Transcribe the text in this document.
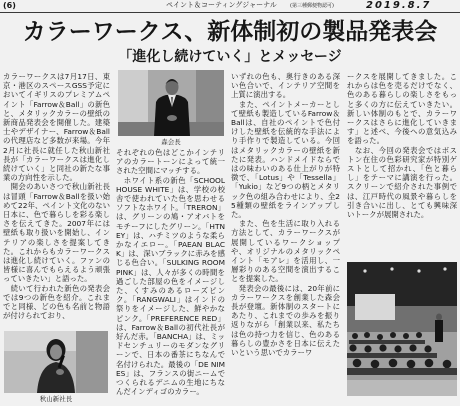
(6)	ペイント＆コーティングジャーナル	(第三種郵便物認可)	2019.8.7
カラーワークス、新体制初の製品発表会
「進化し続けていく」とメッセージ

カラーワークスは7月17日、東京・港区のスペースGSS予定においてイギリスのプレミアムペイント「Farrow＆Ball」の新色と、メタリックカラーの壁紙の新商品発表会を開催した。建築士やデザイナー、Farrow＆Ballの代理店など多数が来場。今年2月に社長に就任した秋山新社長が「カラーワークスは進化し続けていく」と同社の新たな事業の方向性を示した。

　開会のあいさつで秋山新社長は冒頭「Farrow＆Ballを扱い始めて22年、ペイント文化のない日本に、色で暮らしを彩る楽しさを伝えてきた。2007年には壁紙も取り扱いを開始し、インテリアの楽しさを提案してきた。これからもカラーワークスは進化し続けていく。ファンの皆様に喜んでもらえるよう頑張っていきたい」と語った。

　続いて行われた新色の発表会では9つの新色を紹介。これまでと同様、どの色も名前と物語が付けられており、

森会長

それぞれの色はどこかインテリアのカラートーンによって統一された空間にマッチする。

　ホワイト系の新色「SCHOOL HOUSE WHITE」は、学校の校舎で使われていた色を思わせるソフトなホワイト。「TRERON」は、グリーンの鳩・アオバトをモチーフにしたグリーン。「HTNEY」は、ハチミツのような柔らかなイエロー。「PAEAN BLACK」は、深いブラックに赤みを感じる色合い。「SULKING ROOM PINK」は、人々が多くの時間を過ごした部屋の色をイメージした、くすみのあるローズピンク。「RANGWALI」はインドの祭りをイメージした、鮮やかなピンク。「PREFERENCE RED」は、Farrow＆Ballの初代社長が好んだ赤。「BANCHA」は、ミッドセンチュリーのモダンなグリーンで、日本の番茶にちなんで名付けられた。最後の「DE NIMES」は、フランスの街ニームでつくられるデニムの生地にちなんだインディゴのカラー。

いずれの色も、奥行きのある深い色合いで、インテリア空間を上質に演出する。

　また、ペイントメーカーとして壁紙も製造しているFarrow＆Ballは、自社のペイントで色付けした壁紙を伝統的な手法により手作りで製造している。今回はメタリックカラーの壁紙を新たに発表。ハンドメイドならではの味わいのある仕上がりが特徴で、「Lotus」や「Tessella」「Yukio」など9つの柄とメタリック色の組み合わせにより、全25種類の壁紙をラインアップした。

　また、色を生活に取り入れる方法として、カラーワークスが展開しているワークショップや、オリジナルのメタリックペイント「モアレ」を活用し、一層彩りのある空間を演出することを提案した。

　発表会の最後には、20年前にカラーワークスを創業した森会長が登壇。新体制のスタートにあたり、これまでの歩みを振り返りながら「創業以来、私たちは色の持つ力を信じ、色のある暮らしの豊かさを日本に伝えたいという思いでカラーワ

ークスを展開してきました。これからは色を売るだけでなく、色のある暮らしの楽しさをもっと多くの方に伝えていきたい。新しい体制のもとで、カラーワークスはさらに進化していきます」と述べ、今後への意気込みを語った。

　なお、今回の発表会ではボストン在住の色彩研究家が特別ゲストとして招かれ、「色と暮らし」をテーマに講演を行った。スクリーンで紹介された事例では、江戸時代の風景や暮らしを引き合いに出し、とても興味深いトークが展開された。

秋山新社長
